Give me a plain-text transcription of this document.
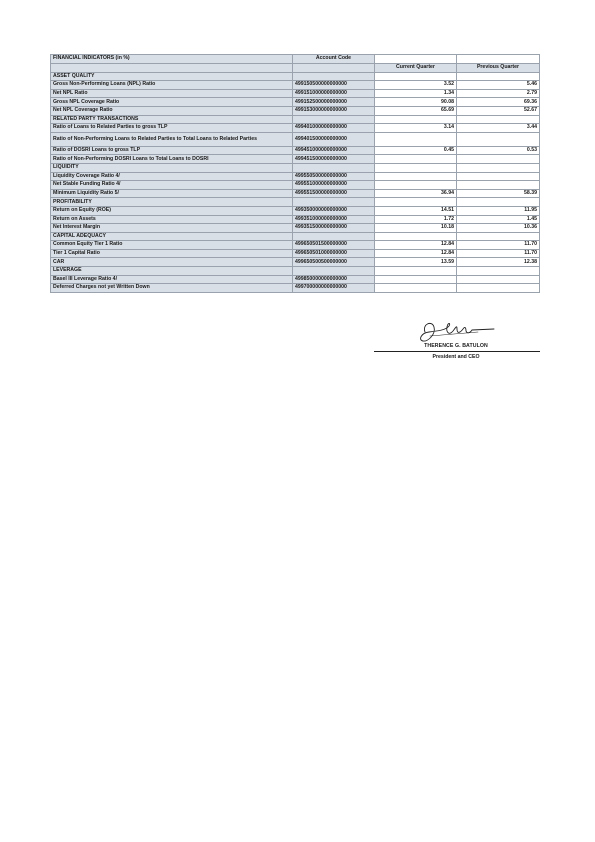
FINANCIAL INDICATORS (in %)	Account Code		
		Current Quarter	Previous Quarter
ASSET QUALITY			
Gross Non-Performing Loans (NPL) Ratio	499150500000000000	3.52	5.46
Net NPL Ratio	499151000000000000	1.34	2.79
Gross NPL Coverage Ratio	499152500000000000	90.08	69.36
Net NPL Coverage Ratio	499153000000000000	65.69	52.67
RELATED PARTY TRANSACTIONS			
Ratio of Loans to Related Parties to gross TLP	499401000000000000	3.14	3.44
Ratio of Non-Performing Loans to Related Parties to Total Loans to Related Parties	499401500000000000		
Ratio of DOSRI Loans to gross TLP	499451000000000000	0.45	0.53
Ratio of Non-Performing DOSRI Loans to Total Loans to DOSRI	499451500000000000		
LIQUIDITY			
Liquidity Coverage Ratio 4/	499550500000000000		
Net Stable Funding Ratio 4/	499551000000000000		
Minimum Liquidity Ratio 5/	499551500000000000	36.94	58.39
PROFITABILITY			
Return on Equity (ROE)	499350000000000000	14.51	11.95
Return on Assets	499351000000000000	1.72	1.45
Net Interest Margin	499351500000000000	10.18	10.36
CAPITAL ADEQUACY			
Common Equity Tier 1 Ratio	499650501500000000	12.84	11.70
Tier 1 Capital Ratio	499650501000000000	12.84	11.70
CAR	499650500500000000	13.59	12.38
LEVERAGE			
Basel III Leverage Ratio 4/	499850000000000000		
Deferred Charges not yet Written Down	499700000000000000		
THERENCE G. BATULON
President and CEO
